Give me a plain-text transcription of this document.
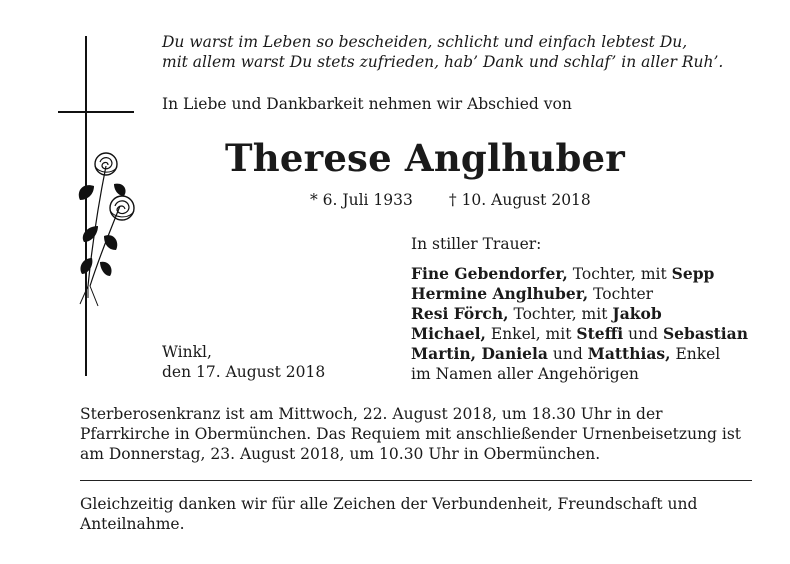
Du warst im Leben so bescheiden, schlicht und einfach lebtest Du,
mit allem warst Du stets zufrieden, hab’ Dank und schlaf’ in aller Ruh’.
In Liebe und Dankbarkeit nehmen wir Abschied von
Therese Anglhuber
* 6. Juli 1933 † 10. August 2018
In stiller Trauer:
Fine Gebendorfer, Tochter, mit Sepp
Hermine Anglhuber, Tochter
Resi Förch, Tochter, mit Jakob
Michael, Enkel, mit Steffi und Sebastian
Martin, Daniela und Matthias, Enkel
im Namen aller Angehörigen
Winkl,
den 17. August 2018
Sterberosenkranz ist am Mittwoch, 22. August 2018, um 18.30 Uhr in der Pfarrkirche in Obermünchen. Das Requiem mit anschließender Urnenbeisetzung ist am Donnerstag, 23. August 2018, um 10.30 Uhr in Obermünchen.
Gleichzeitig danken wir für alle Zeichen der Verbundenheit, Freundschaft und Anteilnahme.
